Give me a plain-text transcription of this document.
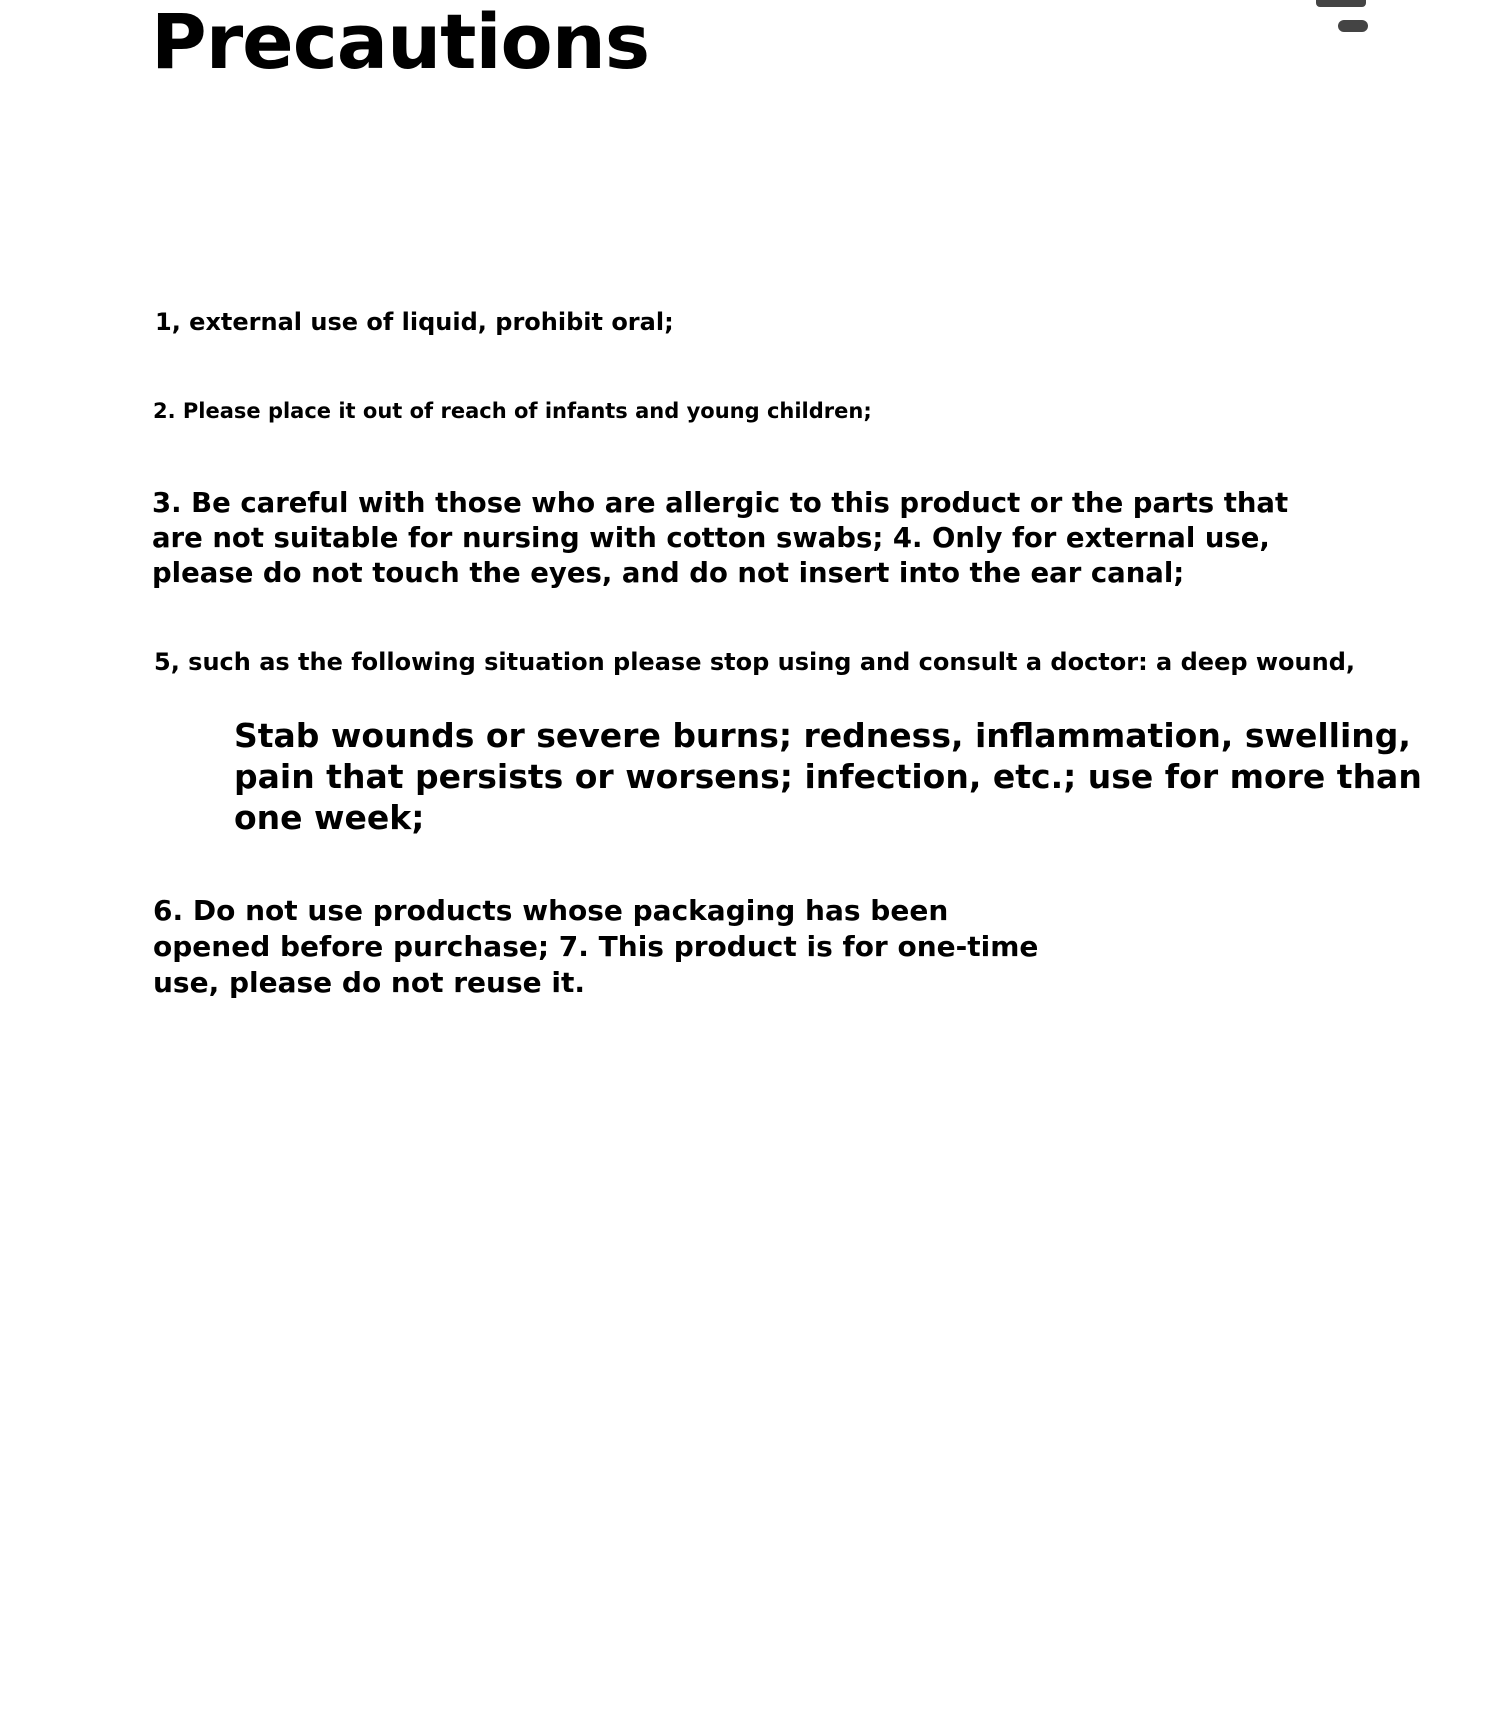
Precautions

1, external use of liquid, prohibit oral;

2. Please place it out of reach of infants and young children;

3. Be careful with those who are allergic to this product or the parts that
are not suitable for nursing with cotton swabs; 4. Only for external use,
please do not touch the eyes, and do not insert into the ear canal;

5, such as the following situation please stop using and consult a doctor: a deep wound,

Stab wounds or severe burns; redness, inflammation, swelling,
pain that persists or worsens; infection, etc.; use for more than
one week;

6. Do not use products whose packaging has been
opened before purchase; 7. This product is for one-time
use, please do not reuse it.
